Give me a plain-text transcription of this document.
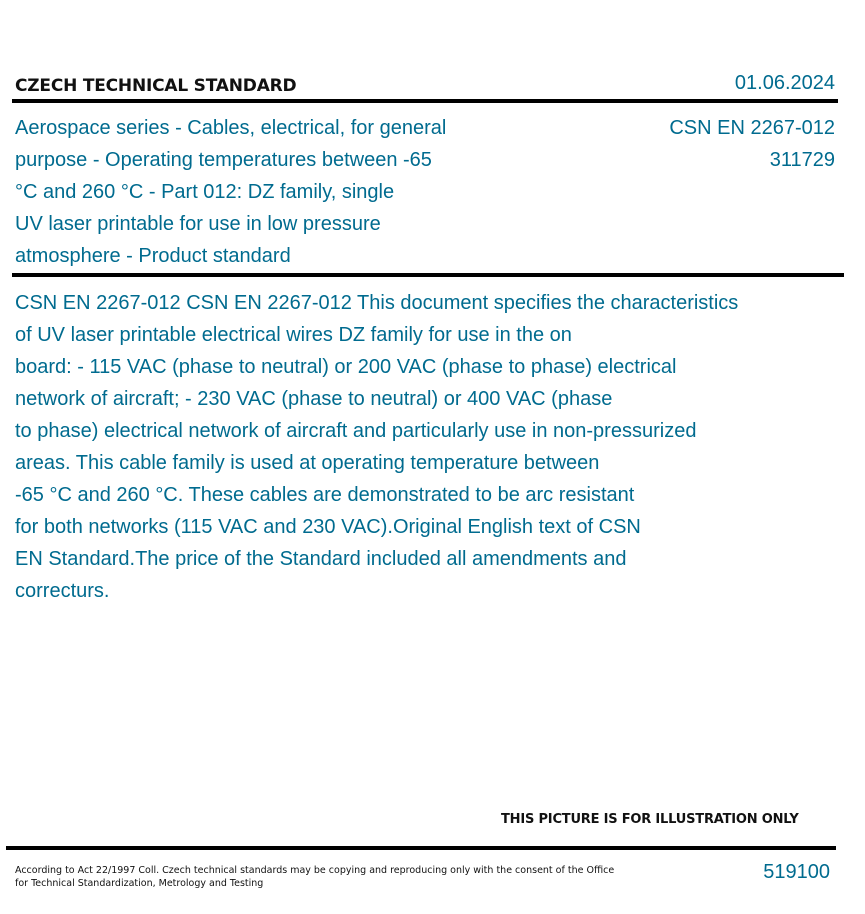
CZECH TECHNICAL STANDARD	01.06.2024
Aerospace series - Cables, electrical, for general
purpose - Operating temperatures between -65
°C and 260 °C - Part 012: DZ family, single
UV laser printable for use in low pressure
atmosphere - Product standard
CSN EN 2267-012
311729
CSN EN 2267-012 CSN EN 2267-012 This document specifies the characteristics
of UV laser printable electrical wires DZ family for use in the on
board: - 115 VAC (phase to neutral) or 200 VAC (phase to phase) electrical
network of aircraft; - 230 VAC (phase to neutral) or 400 VAC (phase
to phase) electrical network of aircraft and particularly use in non-pressurized
areas. This cable family is used at operating temperature between
-65 °C and 260 °C. These cables are demonstrated to be arc resistant
for both networks (115 VAC and 230 VAC).Original English text of CSN
EN Standard.The price of the Standard included all amendments and
correcturs.
THIS PICTURE IS FOR ILLUSTRATION ONLY
According to Act 22/1997 Coll. Czech technical standards may be copying and reproducing only with the consent of the Office
for Technical Standardization, Metrology and Testing
519100
